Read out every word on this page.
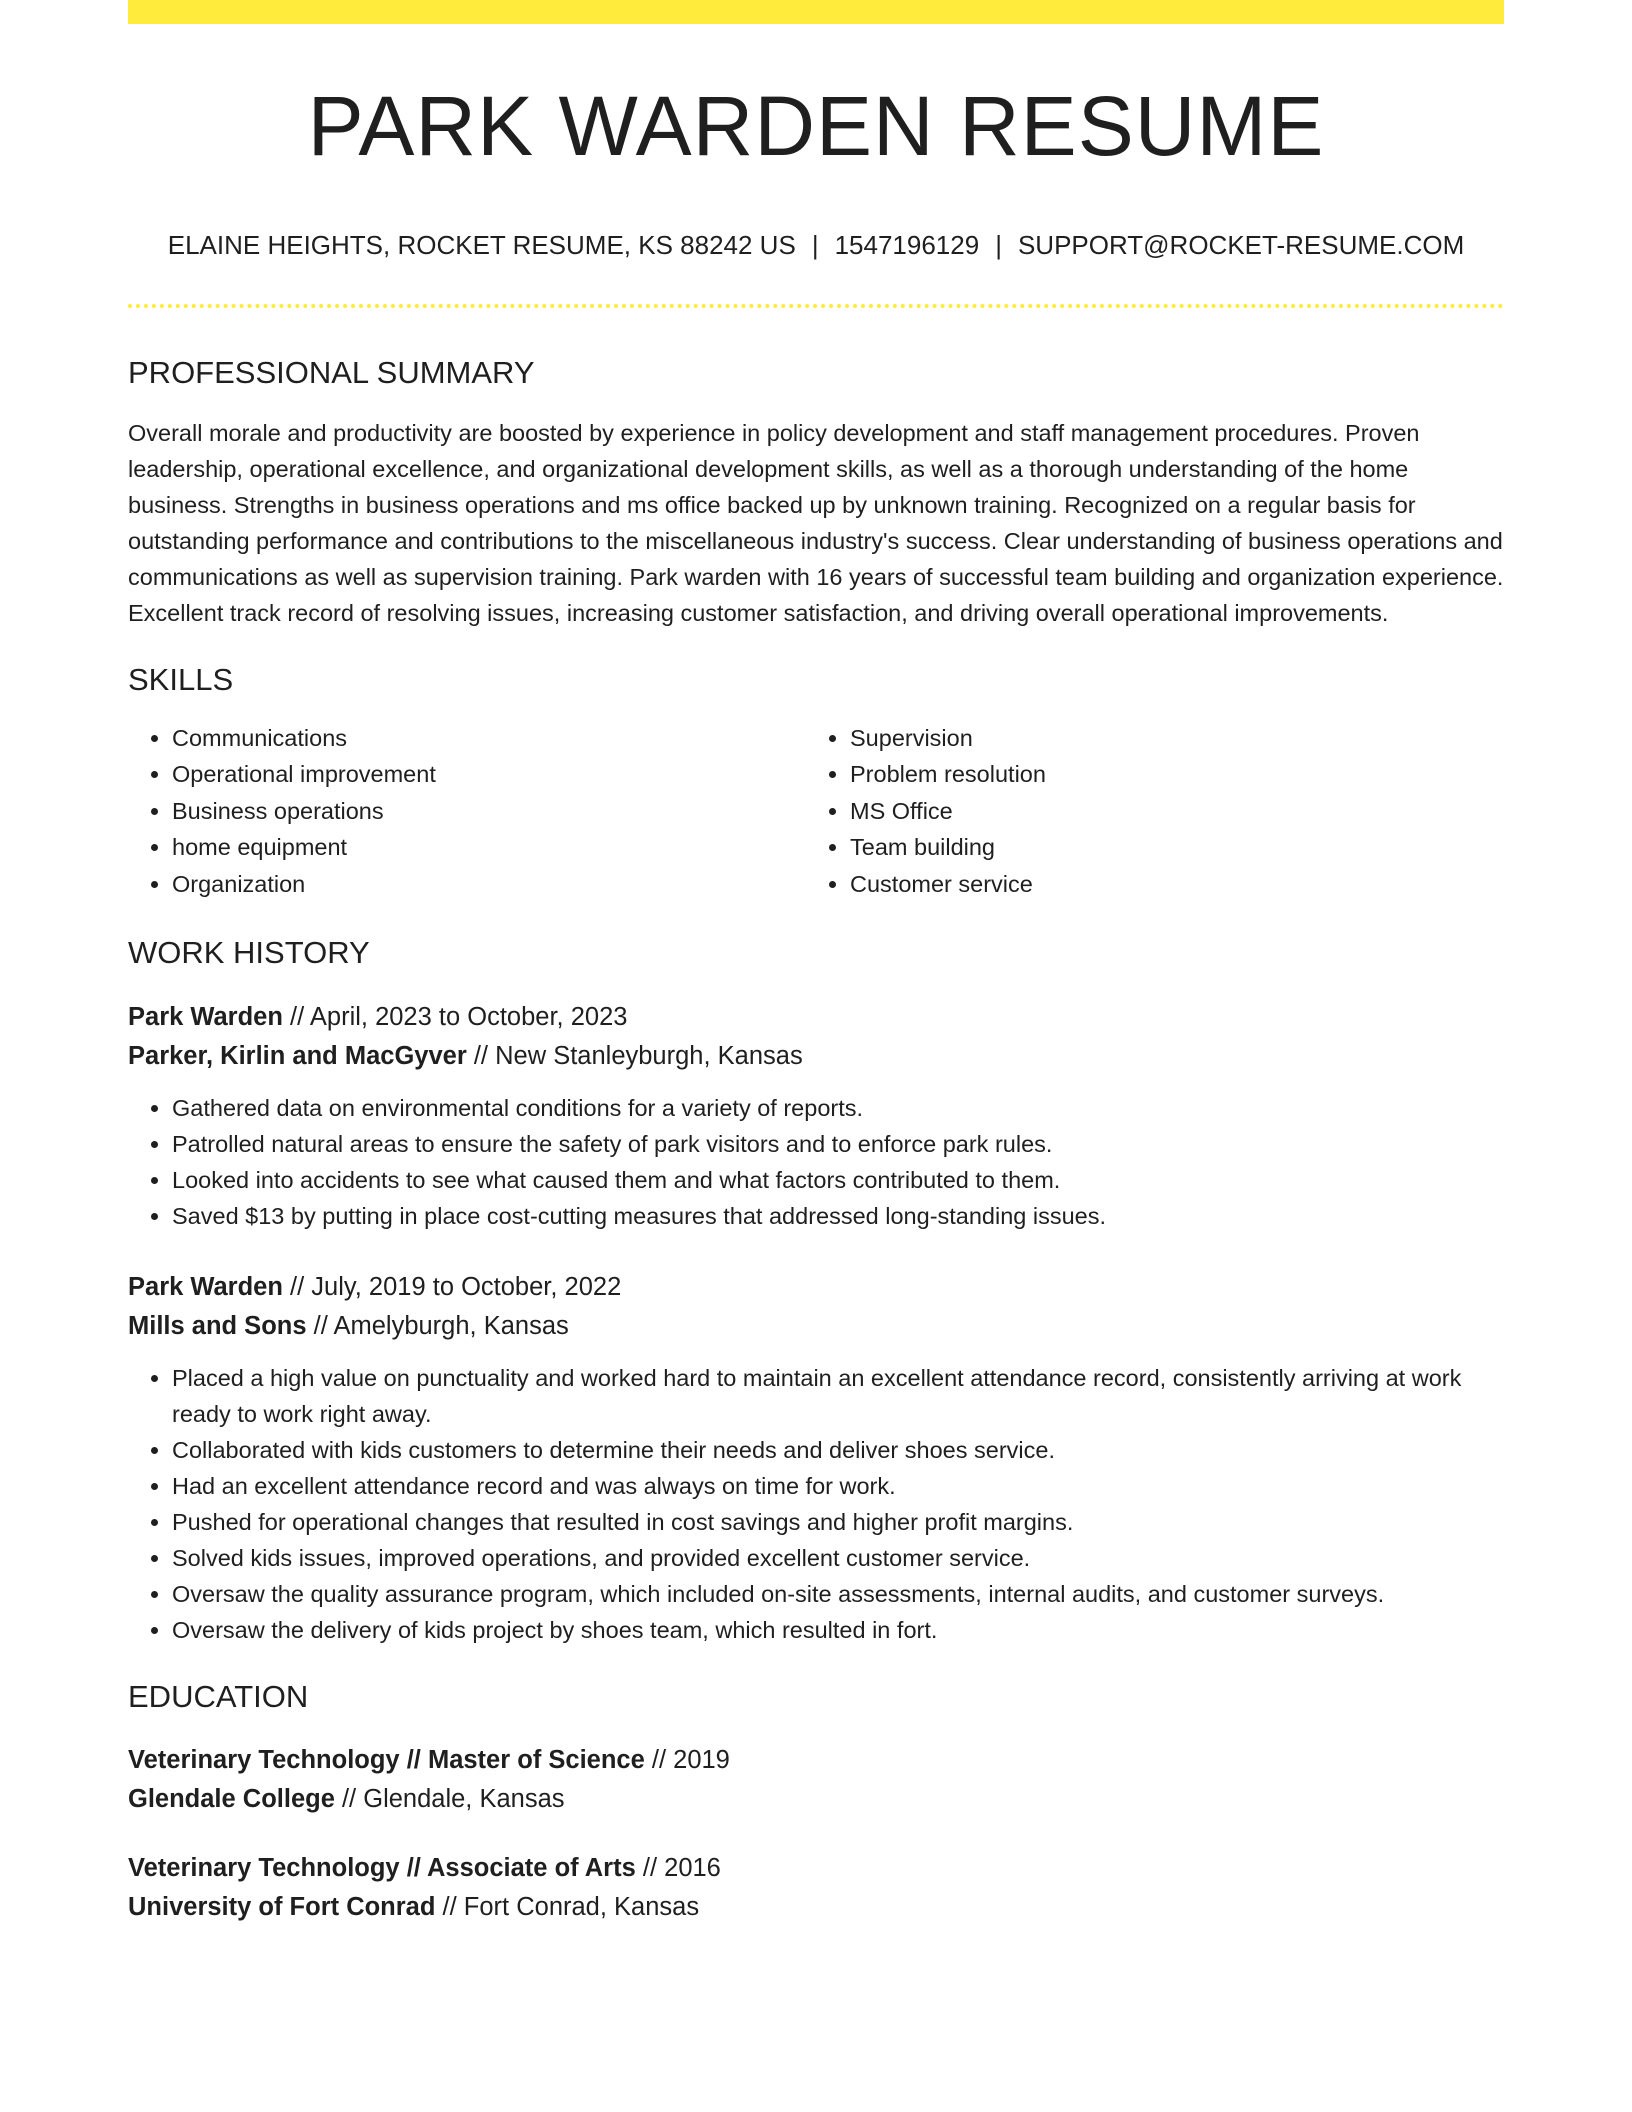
PARK WARDEN RESUME
ELAINE HEIGHTS, ROCKET RESUME, KS 88242 US | 1547196129 | SUPPORT@ROCKET-RESUME.COM
PROFESSIONAL SUMMARY

Overall morale and productivity are boosted by experience in policy development and staff management procedures. Proven leadership, operational excellence, and organizational development skills, as well as a thorough understanding of the home business. Strengths in business operations and ms office backed up by unknown training. Recognized on a regular basis for outstanding performance and contributions to the miscellaneous industry's success. Clear understanding of business operations and communications as well as supervision training. Park warden with 16 years of successful team building and organization experience. Excellent track record of resolving issues, increasing customer satisfaction, and driving overall operational improvements.

SKILLS
• Communications
• Operational improvement
• Business operations
• home equipment
• Organization
• Supervision
• Problem resolution
• MS Office
• Team building
• Customer service
WORK HISTORY
Park Warden // April, 2023 to October, 2023
Parker, Kirlin and MacGyver // New Stanleyburgh, Kansas
• Gathered data on environmental conditions for a variety of reports.
• Patrolled natural areas to ensure the safety of park visitors and to enforce park rules.
• Looked into accidents to see what caused them and what factors contributed to them.
• Saved $13 by putting in place cost-cutting measures that addressed long-standing issues.
Park Warden // July, 2019 to October, 2022
Mills and Sons // Amelyburgh, Kansas
• Placed a high value on punctuality and worked hard to maintain an excellent attendance record, consistently arriving at work ready to work right away.
• Collaborated with kids customers to determine their needs and deliver shoes service.
• Had an excellent attendance record and was always on time for work.
• Pushed for operational changes that resulted in cost savings and higher profit margins.
• Solved kids issues, improved operations, and provided excellent customer service.
• Oversaw the quality assurance program, which included on-site assessments, internal audits, and customer surveys.
• Oversaw the delivery of kids project by shoes team, which resulted in fort.
EDUCATION
Veterinary Technology // Master of Science // 2019
Glendale College // Glendale, Kansas
Veterinary Technology // Associate of Arts // 2016
University of Fort Conrad // Fort Conrad, Kansas
